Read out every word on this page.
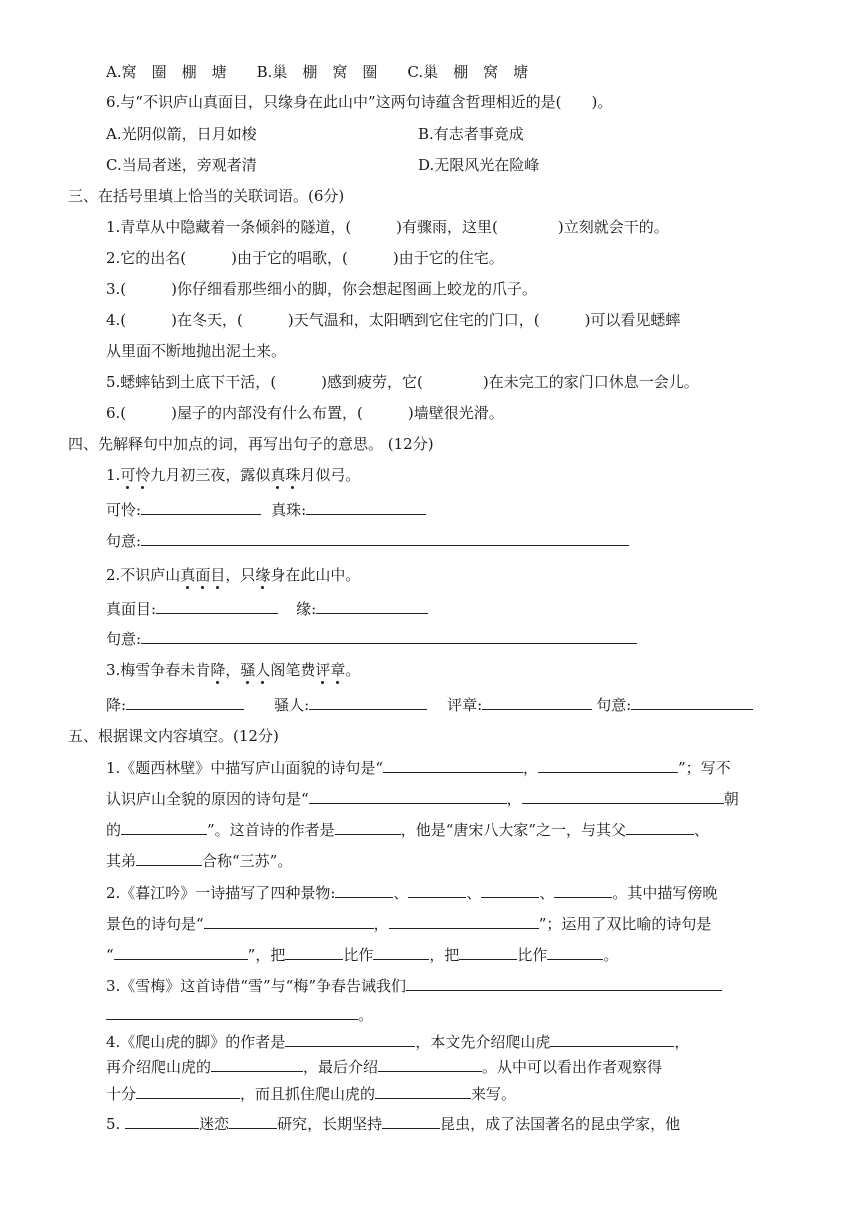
A.窝　圈　棚　塘 B.巢　棚　窝　圈 C.巢　棚　窝　塘
6.与“不识庐山真面目，只缘身在此山中”这两句诗蕴含哲理相近的是(　　)。
A.光阴似箭，日月如梭	B.有志者事竟成
C.当局者迷，旁观者清	D.无限风光在险峰
三、在括号里填上恰当的关联词语。(6分)
1.青草从中隐藏着一条倾斜的隧道，(　　　)有骤雨，这里(　　　　)立刻就会干的。
2.它的出名(　　　)由于它的唱歌，(　　　)由于它的住宅。
3.(　　　)你仔细看那些细小的脚，你会想起图画上蛟龙的爪子。
4.(　　　)在冬天，(　　　)天气温和，太阳晒到它住宅的门口，(　　　)可以看见蟋蟀
从里面不断地抛出泥土来。
5.蟋蟀钻到土底下干活，(　　　)感到疲劳，它(　　　　)在未完工的家门口休息一会儿。
6.(　　　)屋子的内部没有什么布置，(　　　)墙壁很光滑。
四、先解释句中加点的词，再写出句子的意思。 (12分)
1.可怜九月初三夜，露似真珠月似弓。
可怜:	真珠:
句意:
2.不识庐山真面目，只缘身在此山中。
真面目:	缘:
句意:
3.梅雪争春未肯降，骚人阁笔费评章。
降:	骚人:	评章:	句意:
五、根据课文内容填空。(12分)
1.《题西林壁》中描写庐山面貌的诗句是“	，	”；写不
认识庐山全貌的原因的诗句是“	，	朝
的	”。这首诗的作者是	，他是“唐宋八大家”之一，与其父	、
其弟	合称“三苏”。
2.《暮江吟》一诗描写了四种景物:	、	、	、	。其中描写傍晚
景色的诗句是“	，	”；运用了双比喻的诗句是
“	”，把	比作	，把	比作	。
3.《雪梅》这首诗借“雪”与“梅”争春告诫我们
。
4.《爬山虎的脚》的作者是	，本文先介绍爬山虎	，
再介绍爬山虎的	，最后介绍	。从中可以看出作者观察得
十分	，而且抓住爬山虎的	来写。
5.	迷恋	研究，长期坚持	昆虫，成了法国著名的昆虫学家，他
